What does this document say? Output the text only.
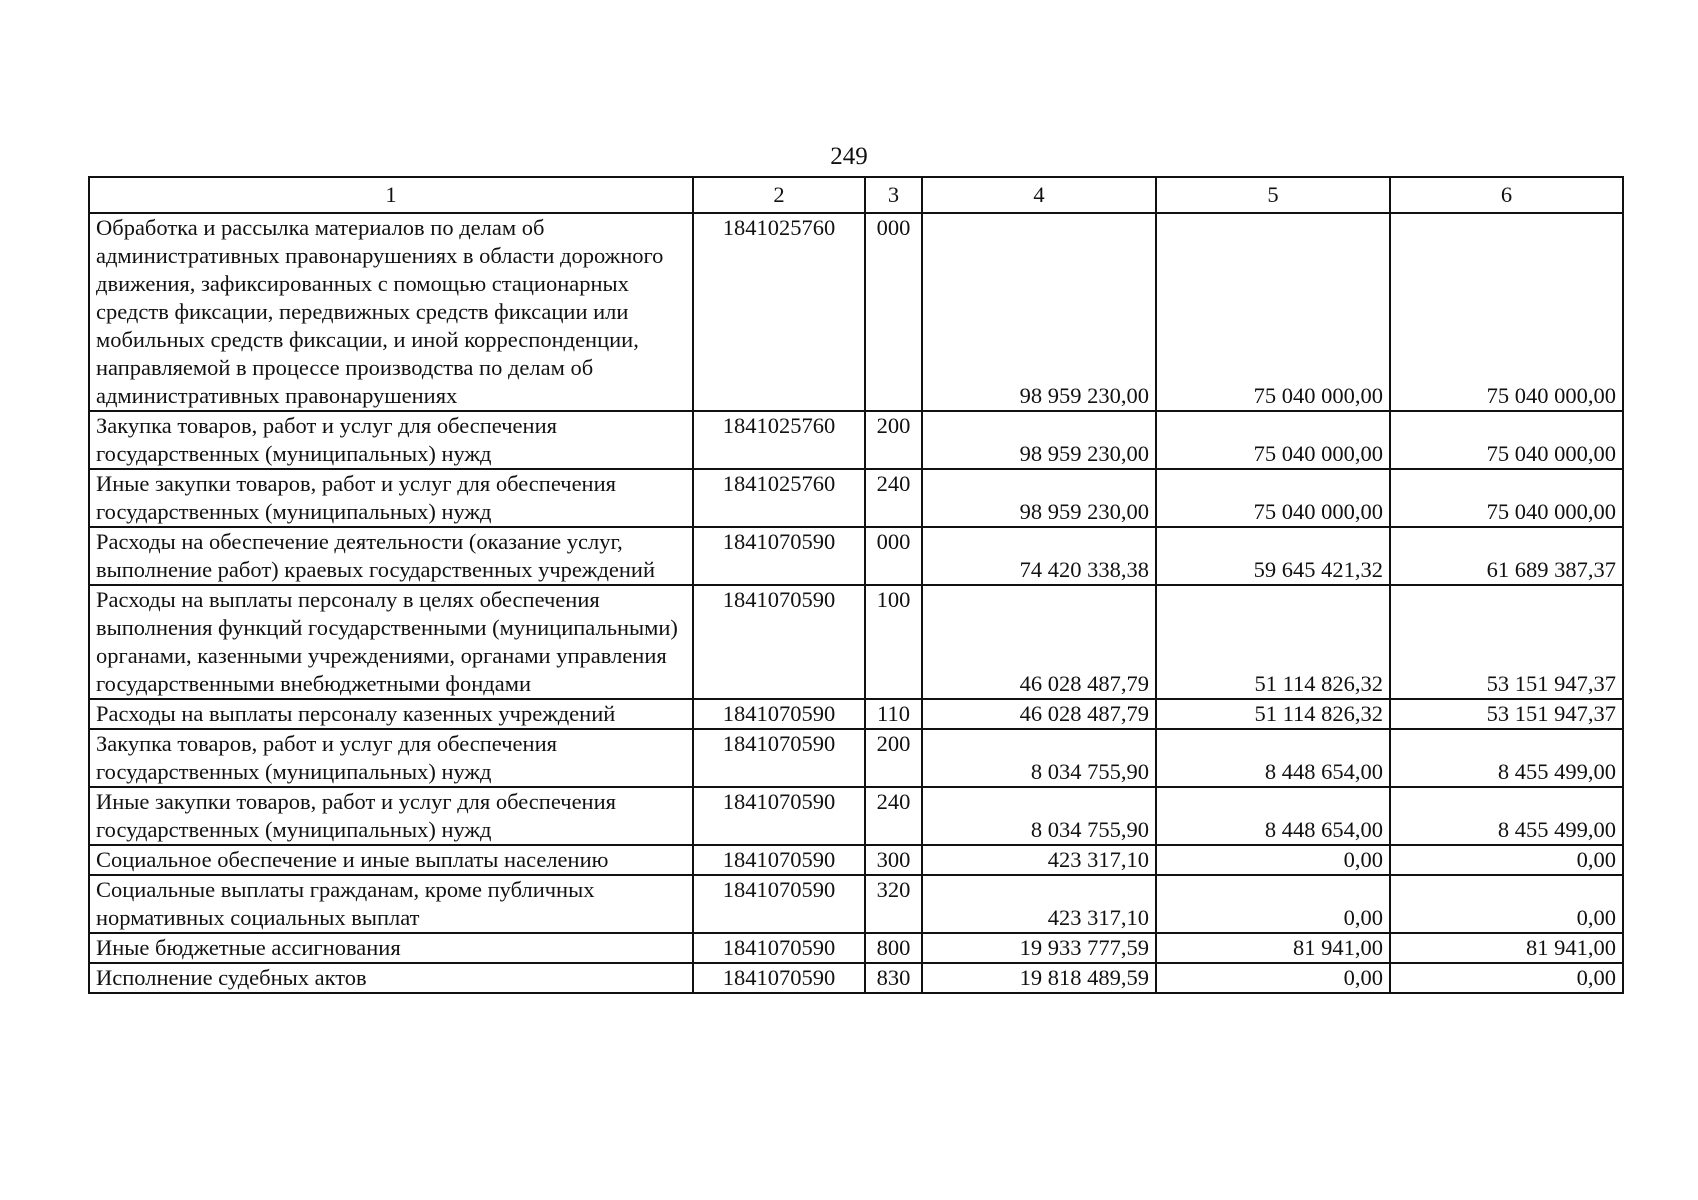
249
1	2	3	4	5	6
Обработка и рассылка материалов по делам об административных правонарушениях в области дорожного движения, зафиксированных с помощью стационарных средств фиксации, передвижных средств фиксации или мобильных средств фиксации, и иной корреспонденции, направляемой в процессе производства по делам об административных правонарушениях	1841025760	000	98 959 230,00	75 040 000,00	75 040 000,00
Закупка товаров, работ и услуг для обеспечения государственных (муниципальных) нужд	1841025760	200	98 959 230,00	75 040 000,00	75 040 000,00
Иные закупки товаров, работ и услуг для обеспечения государственных (муниципальных) нужд	1841025760	240	98 959 230,00	75 040 000,00	75 040 000,00
Расходы на обеспечение деятельности (оказание услуг, выполнение работ) краевых государственных учреждений	1841070590	000	74 420 338,38	59 645 421,32	61 689 387,37
Расходы на выплаты персоналу в целях обеспечения выполнения функций государственными (муниципальными) органами, казенными учреждениями, органами управления государственными внебюджетными фондами	1841070590	100	46 028 487,79	51 114 826,32	53 151 947,37
Расходы на выплаты персоналу казенных учреждений	1841070590	110	46 028 487,79	51 114 826,32	53 151 947,37
Закупка товаров, работ и услуг для обеспечения государственных (муниципальных) нужд	1841070590	200	8 034 755,90	8 448 654,00	8 455 499,00
Иные закупки товаров, работ и услуг для обеспечения государственных (муниципальных) нужд	1841070590	240	8 034 755,90	8 448 654,00	8 455 499,00
Социальное обеспечение и иные выплаты населению	1841070590	300	423 317,10	0,00	0,00
Социальные выплаты гражданам, кроме публичных нормативных социальных выплат	1841070590	320	423 317,10	0,00	0,00
Иные бюджетные ассигнования	1841070590	800	19 933 777,59	81 941,00	81 941,00
Исполнение судебных актов	1841070590	830	19 818 489,59	0,00	0,00
